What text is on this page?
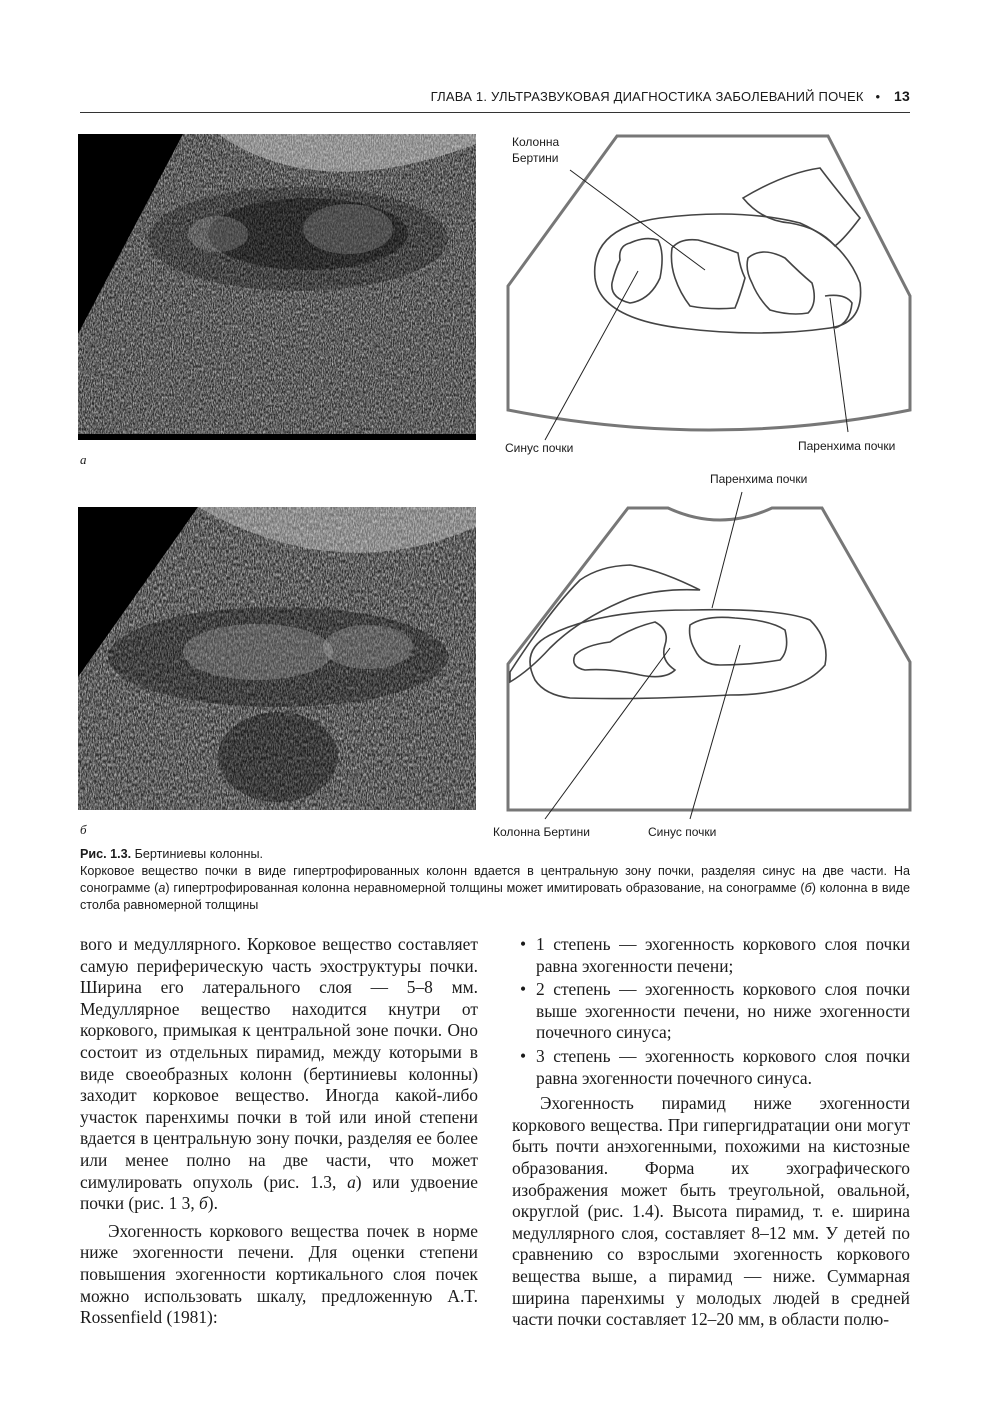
ГЛАВА 1. УЛЬТРАЗВУКОВАЯ ДИАГНОСТИКА ЗАБОЛЕВАНИЙ ПОЧЕК • 13
а
б
Колонна
Бертини
Синус почки	Паренхима почки
Паренхима почки
Колонна Бертини	Синус почки
Рис. 1.3. Бертиниевы колонны.
Корковое вещество почки в виде гипертрофированных колонн вдается в центральную зону почки, разделяя синус на две части. На сонограмме (а) гипертрофированная колонна неравномерной толщины может имитировать образование, на сонограмме (б) колонна в виде столба равномерной толщины

вого и медуллярного. Корковое вещество составляет самую периферическую часть эхоструктуры почки. Ширина его латерального слоя — 5–8 мм. Медуллярное вещество находится кнутри от коркового, примыкая к центральной зоне почки. Оно состоит из отдельных пирамид, между которыми в виде своеобразных колонн (бертиниевы колонны) заходит корковое вещество. Иногда какой-либо участок паренхимы почки в той или иной степени вдается в центральную зону почки, разделяя ее более или менее полно на две части, что может симулировать опухоль (рис. 1.3, а) или удвоение почки (рис. 1 3, б).

Эхогенность коркового вещества почек в норме ниже эхогенности печени. Для оценки степени повышения эхогенности кортикального слоя почек можно использовать шкалу, предложенную A.T. Rossenfield (1981):

• 1 степень — эхогенность коркового слоя почки равна эхогенности печени;
• 2 степень — эхогенность коркового слоя почки выше эхогенности печени, но ниже эхогенности почечного синуса;
• 3 степень — эхогенность коркового слоя почки равна эхогенности почечного синуса.

Эхогенность пирамид ниже эхогенности коркового вещества. При гипергидратации они могут быть почти анэхогенными, похожими на кистозные образования. Форма их эхографического изображения может быть треугольной, овальной, округлой (рис. 1.4). Высота пирамид, т. е. ширина медуллярного слоя, составляет 8–12 мм. У детей по сравнению со взрослыми эхогенность коркового вещества выше, а пирамид — ниже. Суммарная ширина паренхимы у молодых людей в средней части почки составляет 12–20 мм, в области полю-
